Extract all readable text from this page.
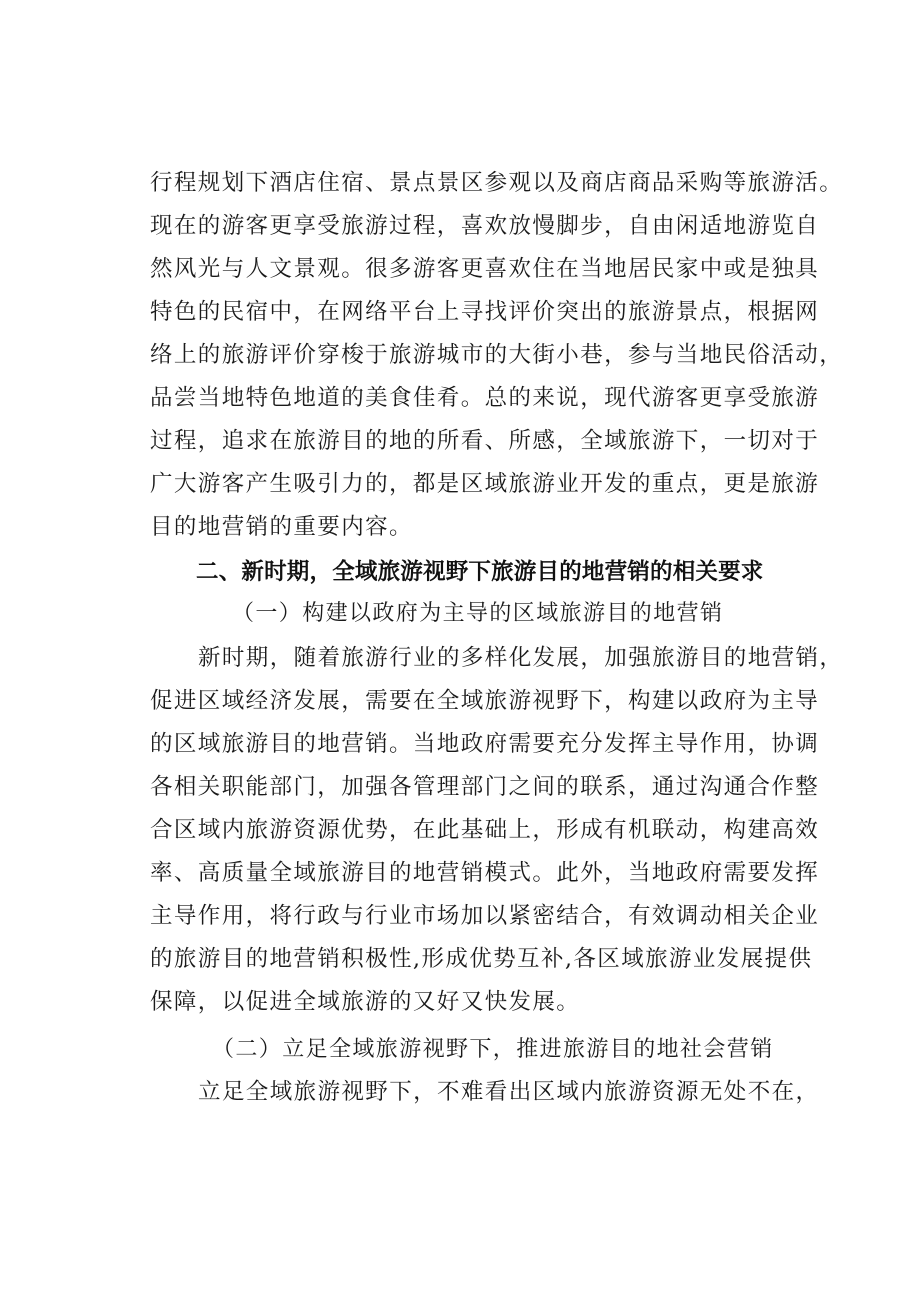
行程规划下酒店住宿、景点景区参观以及商店商品采购等旅游活。
现在的游客更享受旅游过程，喜欢放慢脚步，自由闲适地游览自
然风光与人文景观。很多游客更喜欢住在当地居民家中或是独具
特色的民宿中，在网络平台上寻找评价突出的旅游景点，根据网
络上的旅游评价穿梭于旅游城市的大街小巷，参与当地民俗活动，
品尝当地特色地道的美食佳肴。总的来说，现代游客更享受旅游
过程，追求在旅游目的地的所看、所感，全域旅游下，一切对于
广大游客产生吸引力的，都是区域旅游业开发的重点，更是旅游
目的地营销的重要内容。
二、新时期，全域旅游视野下旅游目的地营销的相关要求
（一）构建以政府为主导的区域旅游目的地营销
新时期，随着旅游行业的多样化发展，加强旅游目的地营销，
促进区域经济发展，需要在全域旅游视野下，构建以政府为主导
的区域旅游目的地营销。当地政府需要充分发挥主导作用，协调
各相关职能部门，加强各管理部门之间的联系，通过沟通合作整
合区域内旅游资源优势，在此基础上，形成有机联动，构建高效
率、高质量全域旅游目的地营销模式。此外，当地政府需要发挥
主导作用，将行政与行业市场加以紧密结合，有效调动相关企业
的旅游目的地营销积极性,形成优势互补,各区域旅游业发展提供
保障，以促进全域旅游的又好又快发展。
（二）立足全域旅游视野下，推进旅游目的地社会营销
立足全域旅游视野下，不难看出区域内旅游资源无处不在，
